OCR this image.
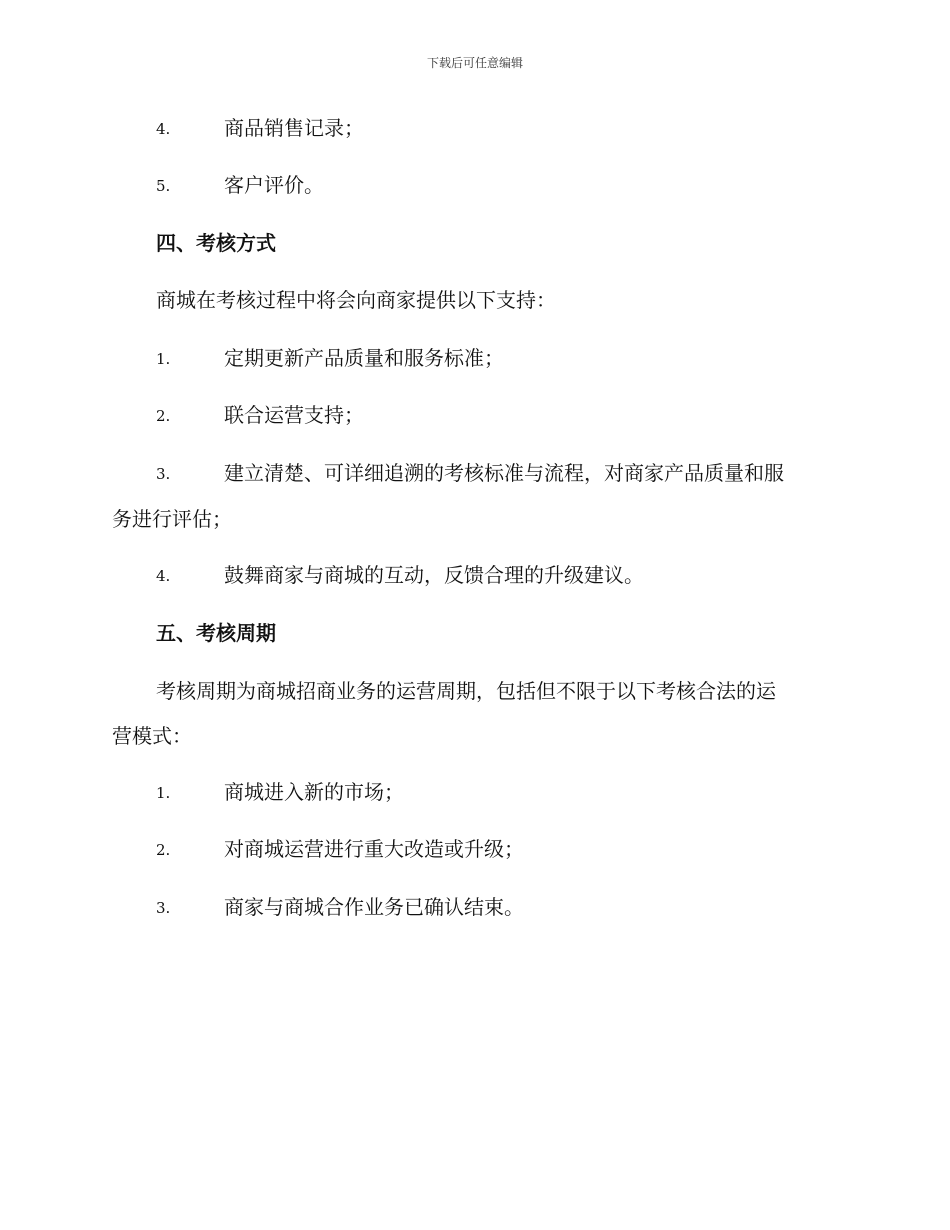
下载后可任意编辑
4.	商品销售记录；
5.	客户评价。
四、考核方式
商城在考核过程中将会向商家提供以下支持：
1.	定期更新产品质量和服务标准；
2.	联合运营支持；
3.	建立清楚、可详细追溯的考核标准与流程，对商家产品质量和服
务进行评估；
4.	鼓舞商家与商城的互动，反馈合理的升级建议。
五、考核周期
考核周期为商城招商业务的运营周期，包括但不限于以下考核合法的运
营模式：
1.	商城进入新的市场；
2.	对商城运营进行重大改造或升级；
3.	商家与商城合作业务已确认结束。
